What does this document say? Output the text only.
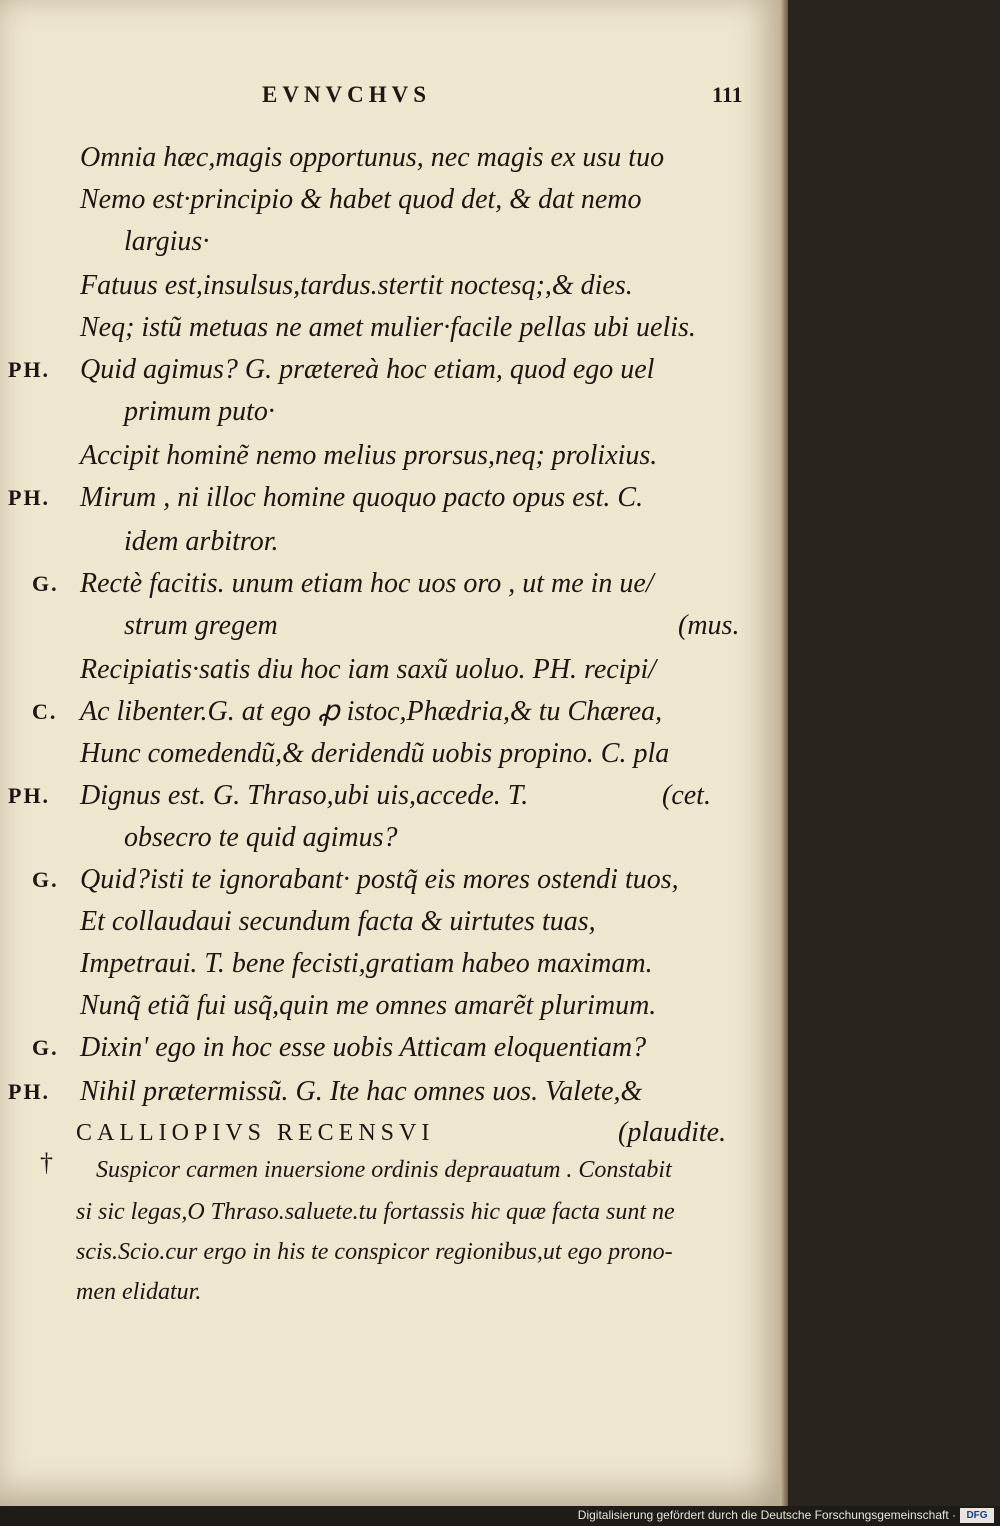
EVNVCHVS	111
Omnia hæc,magis opportunus, nec magis ex usu tuo
Nemo est·principio & habet quod det, & dat nemo
largius·
Fatuus est,insulsus,tardus.stertit noctesq;,& dies.
Neq; istũ metuas ne amet mulier·facile pellas ubi uelis.
PH. Quid agimus? G. prætereà hoc etiam, quod ego uel
primum puto·
Accipit hominẽ nemo melius prorsus,neq; prolixius.
PH. Mirum , ni illoc homine quoquo pacto opus est. C.
idem arbitror.
G. Rectè facitis. unum etiam hoc uos oro , ut me in ue/
strum gregem	(mus.
Recipiatis·satis diu hoc iam saxũ uoluo. PH. recipi/
C. Ac libenter.G. at ego ꝓ istoc,Phædria,& tu Chærea,
Hunc comedendũ,& deridendũ uobis propino. C. pla
PH. Dignus est. G. Thraso,ubi uis,accede. T.	(cet.
obsecro te quid agimus?
G. Quid?isti te ignorabant· postq̃ eis mores ostendi tuos,
Et collaudaui secundum facta & uirtutes tuas,
Impetraui. T. bene fecisti,gratiam habeo maximam.
Nunq̃ etiã fui usq̃,quin me omnes amarẽt plurimum.
G. Dixin' ego in hoc esse uobis Atticam eloquentiam?
PH. Nihil prætermissũ. G. Ite hac omnes uos. Valete,&
CALLIOPIVS RECENSVI	(plaudite.
† Suspicor carmen inuersione ordinis deprauatum . Constabit
si sic legas,O Thraso.saluete.tu fortassis hic quæ facta sunt ne
scis.Scio.cur ergo in his te conspicor regionibus,ut ego prono-
men elidatur.
Digitalisierung gefördert durch die Deutsche Forschungsgemeinschaft ·	DFG
